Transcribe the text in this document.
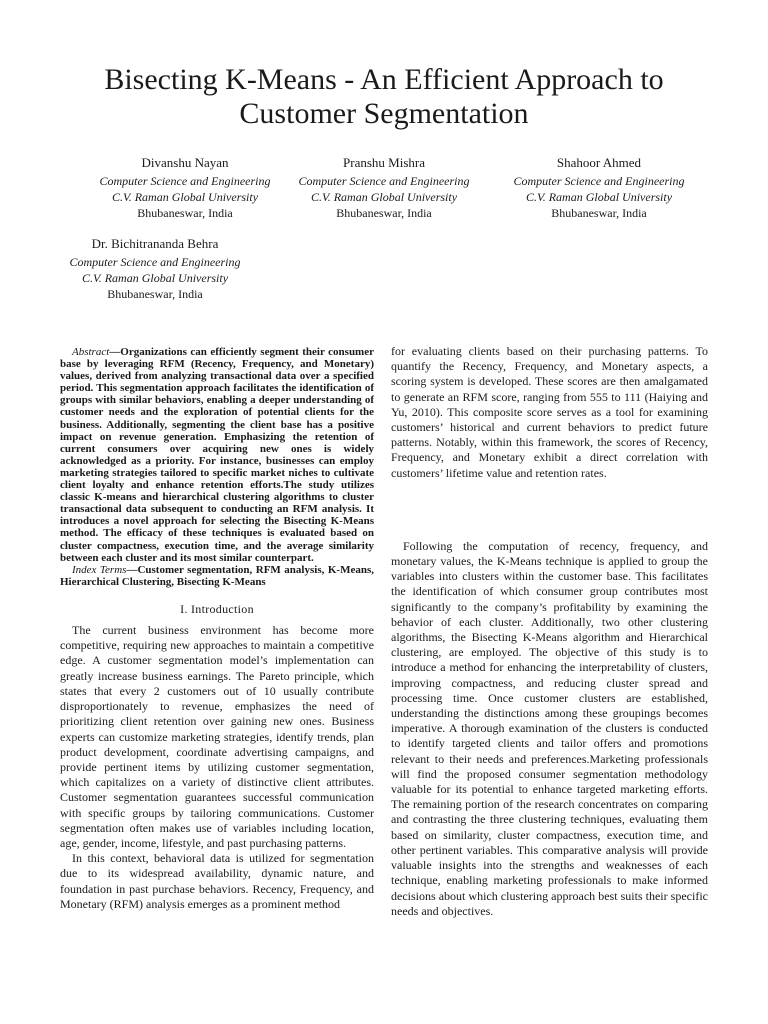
Bisecting K-Means - An Efficient Approach to
Customer Segmentation
Divanshu Nayan
Computer Science and Engineering
C.V. Raman Global University
Bhubaneswar, India
Pranshu Mishra
Computer Science and Engineering
C.V. Raman Global University
Bhubaneswar, India
Shahoor Ahmed
Computer Science and Engineering
C.V. Raman Global University
Bhubaneswar, India
Dr. Bichitrananda Behra
Computer Science and Engineering
C.V. Raman Global University
Bhubaneswar, India

Abstract—Organizations can efficiently segment their consumer base by leveraging RFM (Recency, Frequency, and Monetary) values, derived from analyzing transactional data over a specified period. This segmentation approach facilitates the identification of groups with similar behaviors, enabling a deeper understanding of customer needs and the exploration of potential clients for the business. Additionally, segmenting the client base has a positive impact on revenue generation. Emphasizing the retention of current consumers over acquiring new ones is widely acknowledged as a priority. For instance, businesses can employ marketing strategies tailored to specific market niches to cultivate client loyalty and enhance retention efforts.The study utilizes classic K-means and hierarchical clustering algorithms to cluster transactional data subsequent to conducting an RFM analysis. It introduces a novel approach for selecting the Bisecting K-Means method. The efficacy of these techniques is evaluated based on cluster compactness, execution time, and the average similarity between each cluster and its most similar counterpart.

Index Terms—Customer segmentation, RFM analysis, K-Means, Hierarchical Clustering, Bisecting K-Means

I. Introduction

The current business environment has become more competitive, requiring new approaches to maintain a competitive edge. A customer segmentation model’s implementation can greatly increase business earnings. The Pareto principle, which states that every 2 customers out of 10 usually contribute disproportionately to revenue, emphasizes the need of prioritizing client retention over gaining new ones. Business experts can customize marketing strategies, identify trends, plan product development, coordinate advertising campaigns, and provide pertinent items by utilizing customer segmentation, which capitalizes on a variety of distinctive client attributes. Customer segmentation guarantees successful communication with specific groups by tailoring communications. Customer segmentation often makes use of variables including location, age, gender, income, lifestyle, and past purchasing patterns.

In this context, behavioral data is utilized for segmentation due to its widespread availability, dynamic nature, and foundation in past purchase behaviors. Recency, Frequency, and Monetary (RFM) analysis emerges as a prominent method

for evaluating clients based on their purchasing patterns. To quantify the Recency, Frequency, and Monetary aspects, a scoring system is developed. These scores are then amalgamated to generate an RFM score, ranging from 555 to 111 (Haiying and Yu, 2010). This composite score serves as a tool for examining customers’ historical and current behaviors to predict future patterns. Notably, within this framework, the scores of Recency, Frequency, and Monetary exhibit a direct correlation with customers’ lifetime value and retention rates.

Following the computation of recency, frequency, and monetary values, the K-Means technique is applied to group the variables into clusters within the customer base. This facilitates the identification of which consumer group contributes most significantly to the company’s profitability by examining the behavior of each cluster. Additionally, two other clustering algorithms, the Bisecting K-Means algorithm and Hierarchical clustering, are employed. The objective of this study is to introduce a method for enhancing the interpretability of clusters, improving compactness, and reducing cluster spread and processing time. Once customer clusters are established, understanding the distinctions among these groupings becomes imperative. A thorough examination of the clusters is conducted to identify targeted clients and tailor offers and promotions relevant to their needs and preferences.Marketing professionals will find the proposed consumer segmentation methodology valuable for its potential to enhance targeted marketing efforts. The remaining portion of the research concentrates on comparing and contrasting the three clustering techniques, evaluating them based on similarity, cluster compactness, execution time, and other pertinent variables. This comparative analysis will provide valuable insights into the strengths and weaknesses of each technique, enabling marketing professionals to make informed decisions about which clustering approach best suits their specific needs and objectives.
